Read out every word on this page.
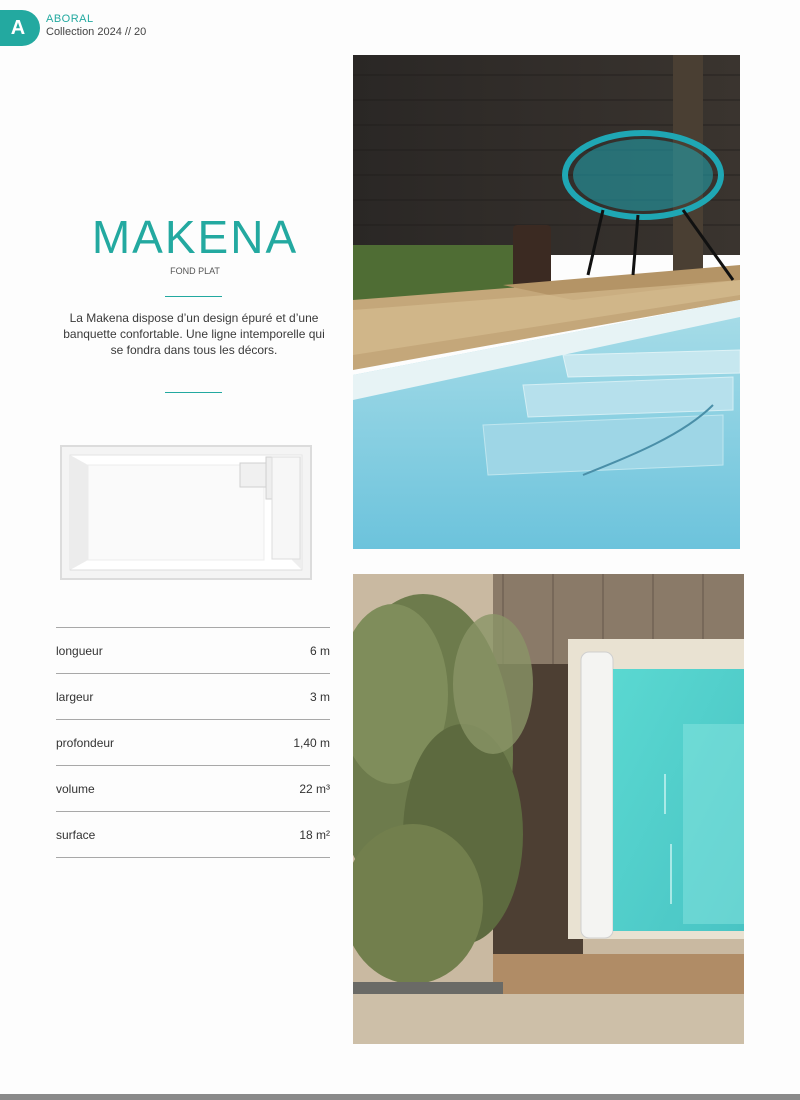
A	ABORAL
Collection 2024 // 20
MAKENA
FOND PLAT
La Makena dispose d’un design épuré et d’une banquette confortable. Une ligne intemporelle qui se fondra dans tous les décors.
longueur	6 m
largeur	3 m
profondeur	1,40 m
volume	22 m³
surface	18 m²
